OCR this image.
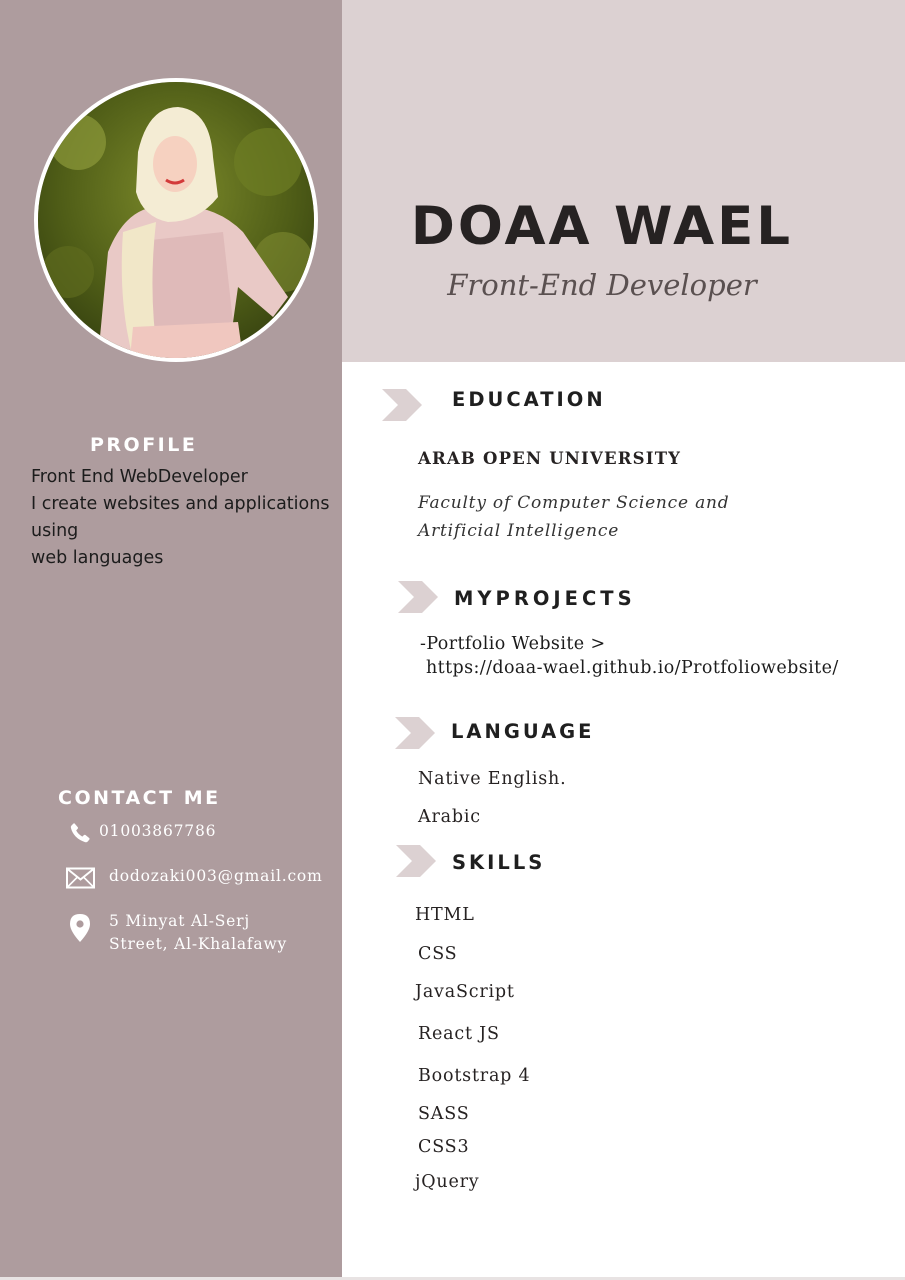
DOAA WAEL

Front-End Developer

PROFILE
Front End WebDeveloper
I create websites and applications
using
web languages
CONTACT ME
01003867786
dodozaki003@gmail.com
5 Minyat Al-Serj
Street, Al-Khalafawy
EDUCATION
ARAB OPEN UNIVERSITY
Faculty of Computer Science and
Artificial Intelligence
MYPROJECTS
-Portfolio Website >
https://doaa-wael.github.io/Protfoliowebsite/
LANGUAGE
Native English.
Arabic
SKILLS
HTML
CSS
JavaScript
React JS
Bootstrap 4
SASS
CSS3
jQuery
